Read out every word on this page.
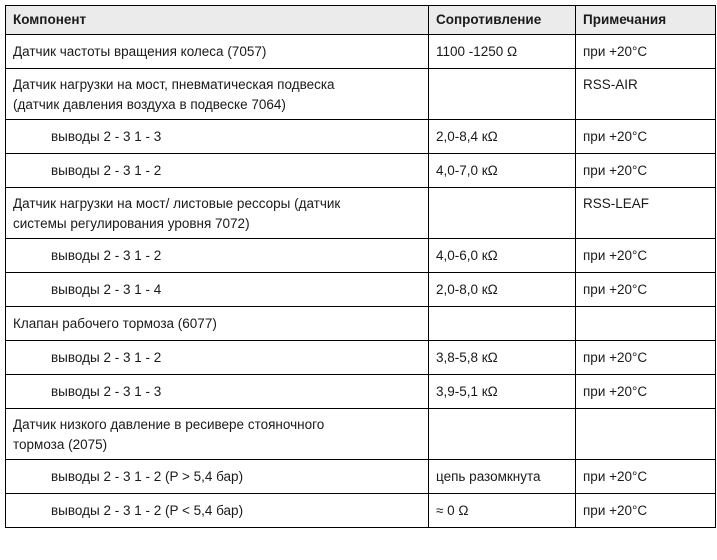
Компонент	Сопротивление	Примечания
Датчик частоты вращения колеса (7057)	1100 -1250 Ω	при +20°C

Датчик нагрузки на мост, пневматическая подвеска
(датчик давления воздуха в подвеске 7064)		RSS-AIR
выводы 2 - 3 1 - 3	2,0-8,4 кΩ	при +20°C
выводы 2 - 3 1 - 2	4,0-7,0 кΩ	при +20°C

Датчик нагрузки на мост/ листовые рессоры (датчик
системы регулирования уровня 7072)		RSS-LEAF
выводы 2 - 3 1 - 2	4,0-6,0 кΩ	при +20°C
выводы 2 - 3 1 - 4	2,0-8,0 кΩ	при +20°C
Клапан рабочего тормоза (6077)		
выводы 2 - 3 1 - 2	3,8-5,8 кΩ	при +20°C
выводы 2 - 3 1 - 3	3,9-5,1 кΩ	при +20°C

Датчик низкого давление в ресивере стояночного
тормоза (2075)		

выводы 2 - 3 1 - 2 (P > 5,4 бар)	цепь разомкнута	при +20°C
выводы 2 - 3 1 - 2 (P < 5,4 бар)	≈ 0 Ω	при +20°C
